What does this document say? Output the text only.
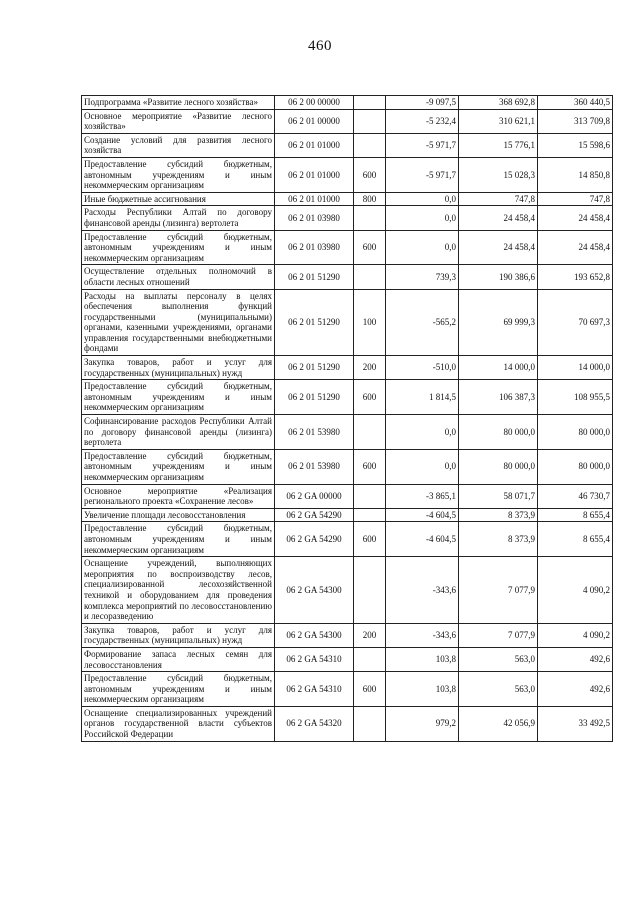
460
Подпрограмма «Развитие лесного хозяйства»	06 2 00 00000		-9 097,5	368 692,8	360 440,5
Основное мероприятие «Развитие лесного хозяйства»	06 2 01 00000		-5 232,4	310 621,1	313 709,8
Создание условий для развития лесного хозяйства	06 2 01 01000		-5 971,7	15 776,1	15 598,6
Предоставление субсидий бюджетным, автономным учреждениям и иным некоммерческим организациям	06 2 01 01000	600	-5 971,7	15 028,3	14 850,8
Иные бюджетные ассигнования	06 2 01 01000	800	0,0	747,8	747,8
Расходы Республики Алтай по договору финансовой аренды (лизинга) вертолета	06 2 01 03980		0,0	24 458,4	24 458,4
Предоставление субсидий бюджетным, автономным учреждениям и иным некоммерческим организациям	06 2 01 03980	600	0,0	24 458,4	24 458,4
Осуществление отдельных полномочий в области лесных отношений	06 2 01 51290		739,3	190 386,6	193 652,8
Расходы на выплаты персоналу в целях обеспечения выполнения функций государственными (муниципальными) органами, казенными учреждениями, органами управления государственными внебюджетными фондами	06 2 01 51290	100	-565,2	69 999,3	70 697,3
Закупка товаров, работ и услуг для государственных (муниципальных) нужд	06 2 01 51290	200	-510,0	14 000,0	14 000,0
Предоставление субсидий бюджетным, автономным учреждениям и иным некоммерческим организациям	06 2 01 51290	600	1 814,5	106 387,3	108 955,5
Софинансирование расходов Республики Алтай по договору финансовой аренды (лизинга) вертолета	06 2 01 53980		0,0	80 000,0	80 000,0
Предоставление субсидий бюджетным, автономным учреждениям и иным некоммерческим организациям	06 2 01 53980	600	0,0	80 000,0	80 000,0
Основное мероприятие «Реализация регионального проекта «Сохранение лесов»	06 2 GA 00000		-3 865,1	58 071,7	46 730,7
Увеличение площади лесовосстановления	06 2 GA 54290		-4 604,5	8 373,9	8 655,4
Предоставление субсидий бюджетным, автономным учреждениям и иным некоммерческим организациям	06 2 GA 54290	600	-4 604,5	8 373,9	8 655,4
Оснащение учреждений, выполняющих мероприятия по воспроизводству лесов, специализированной лесохозяйственной техникой и оборудованием для проведения комплекса мероприятий по лесовосстановлению и лесоразведению	06 2 GA 54300		-343,6	7 077,9	4 090,2
Закупка товаров, работ и услуг для государственных (муниципальных) нужд	06 2 GA 54300	200	-343,6	7 077,9	4 090,2
Формирование запаса лесных семян для лесовосстановления	06 2 GA 54310		103,8	563,0	492,6
Предоставление субсидий бюджетным, автономным учреждениям и иным некоммерческим организациям	06 2 GA 54310	600	103,8	563,0	492,6
Оснащение специализированных учреждений органов государственной власти субъектов Российской Федерации	06 2 GA 54320		979,2	42 056,9	33 492,5
